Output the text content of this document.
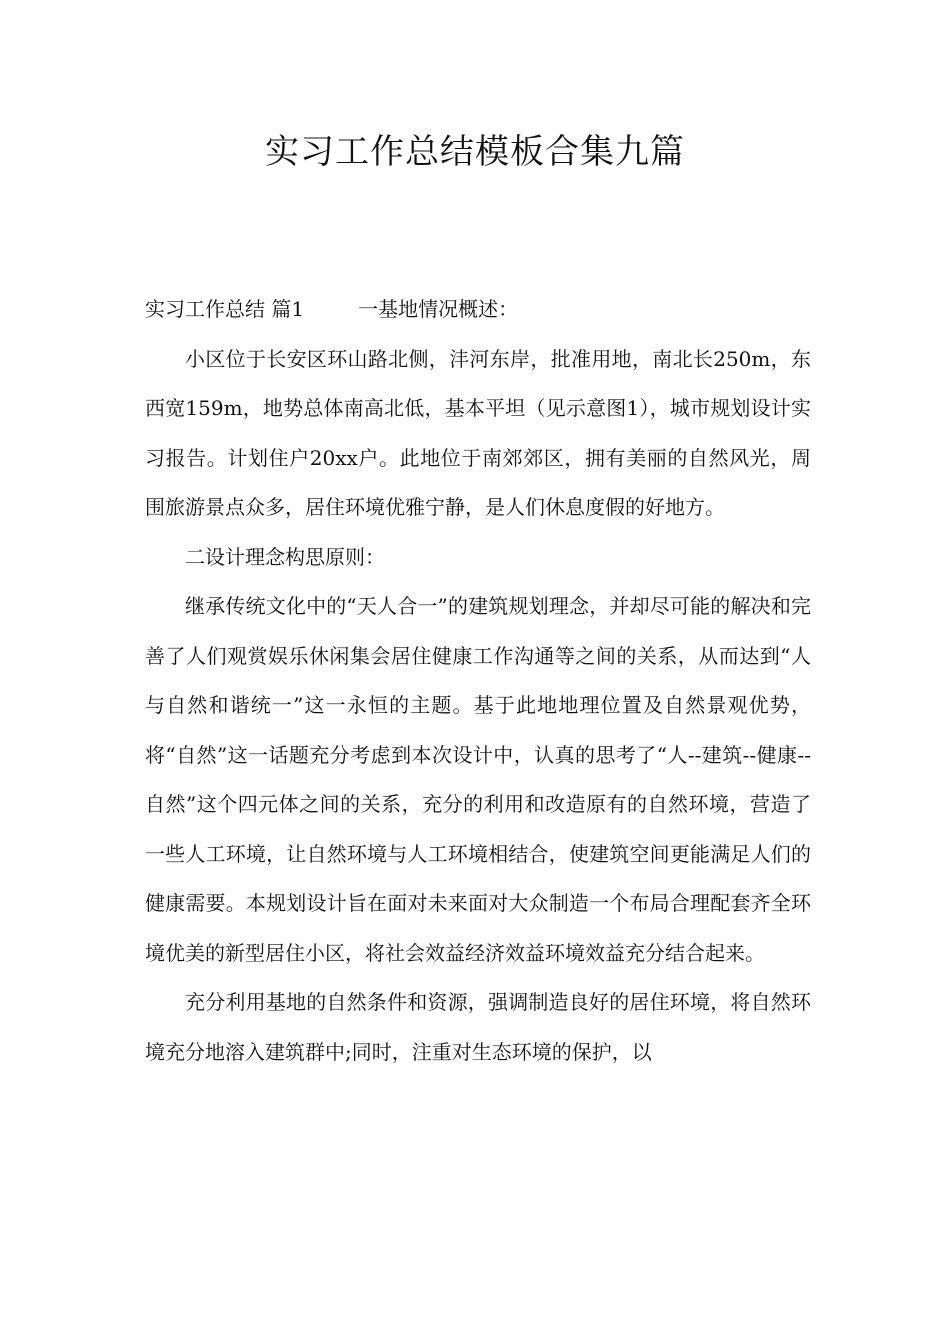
实习工作总结模板合集九篇

实习工作总结 篇1	一基地情况概述：

小区位于长安区环山路北侧，沣河东岸，批准用地，南北长250m，东西宽159m，地势总体南高北低，基本平坦（见示意图1），城市规划设计实习报告。计划住户20xx户。此地位于南郊郊区，拥有美丽的自然风光，周围旅游景点众多，居住环境优雅宁静，是人们休息度假的好地方。

二设计理念构思原则：

继承传统文化中的“天人合一”的建筑规划理念，并却尽可能的解决和完善了人们观赏娱乐休闲集会居住健康工作沟通等之间的关系，从而达到“人与自然和谐统一”这一永恒的主题。基于此地地理位置及自然景观优势，将“自然”这一话题充分考虑到本次设计中，认真的思考了“人--建筑--健康--自然”这个四元体之间的关系，充分的利用和改造原有的自然环境，营造了一些人工环境，让自然环境与人工环境相结合，使建筑空间更能满足人们的健康需要。本规划设计旨在面对未来面对大众制造一个布局合理配套齐全环境优美的新型居住小区，将社会效益经济效益环境效益充分结合起来。

充分利用基地的自然条件和资源，强调制造良好的居住环境，将自然环境充分地溶入建筑群中;同时，注重对生态环境的保护，以
